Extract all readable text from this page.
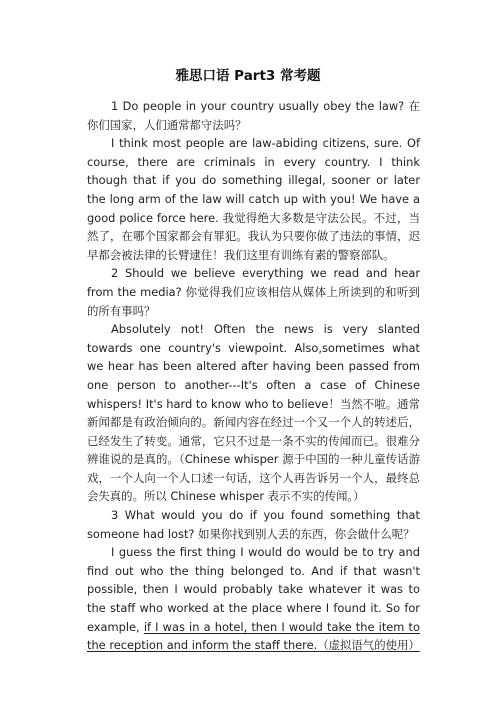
雅思口语 Part3 常考题

1 Do people in your country usually obey the law? 在你们国家，人们通常都守法吗？

I think most people are law-abiding citizens, sure. Of course, there are criminals in every country. I think though that if you do something illegal, sooner or later the long arm of the law will catch up with you! We have a good police force here. 我觉得绝大多数是守法公民。不过，当然了，在哪个国家都会有罪犯。我认为只要你做了违法的事情，迟早都会被法律的长臂逮住！我们这里有训练有素的警察部队。

2 Should we believe everything we read and hear from the media? 你觉得我们应该相信从媒体上所读到的和听到的所有事吗？

Absolutely not! Often the news is very slanted towards one country's viewpoint. Also,sometimes what we hear has been altered after having been passed from one person to another---It's often a case of Chinese whispers! It's hard to know who to believe！当然不啦。通常新闻都是有政治倾向的。新闻内容在经过一个又一个人的转述后，已经发生了转变。通常，它只不过是一条不实的传闻而已。很难分辨谁说的是真的。（Chinese whisper 源于中国的一种儿童传话游戏，一个人向一个人口述一句话，这个人再告诉另一个人，最终总会失真的。所以 Chinese whisper 表示不实的传闻。）

3 What would you do if you found something that someone had lost? 如果你找到别人丢的东西，你会做什么呢？

I guess the first thing I would do would be to try and find out who the thing belonged to. And if that wasn't possible, then I would probably take whatever it was to the staff who worked at the place where I found it. So for example, if I was in a hotel, then I would take the item to the reception and inform the staff there.（虚拟语气的使用）
